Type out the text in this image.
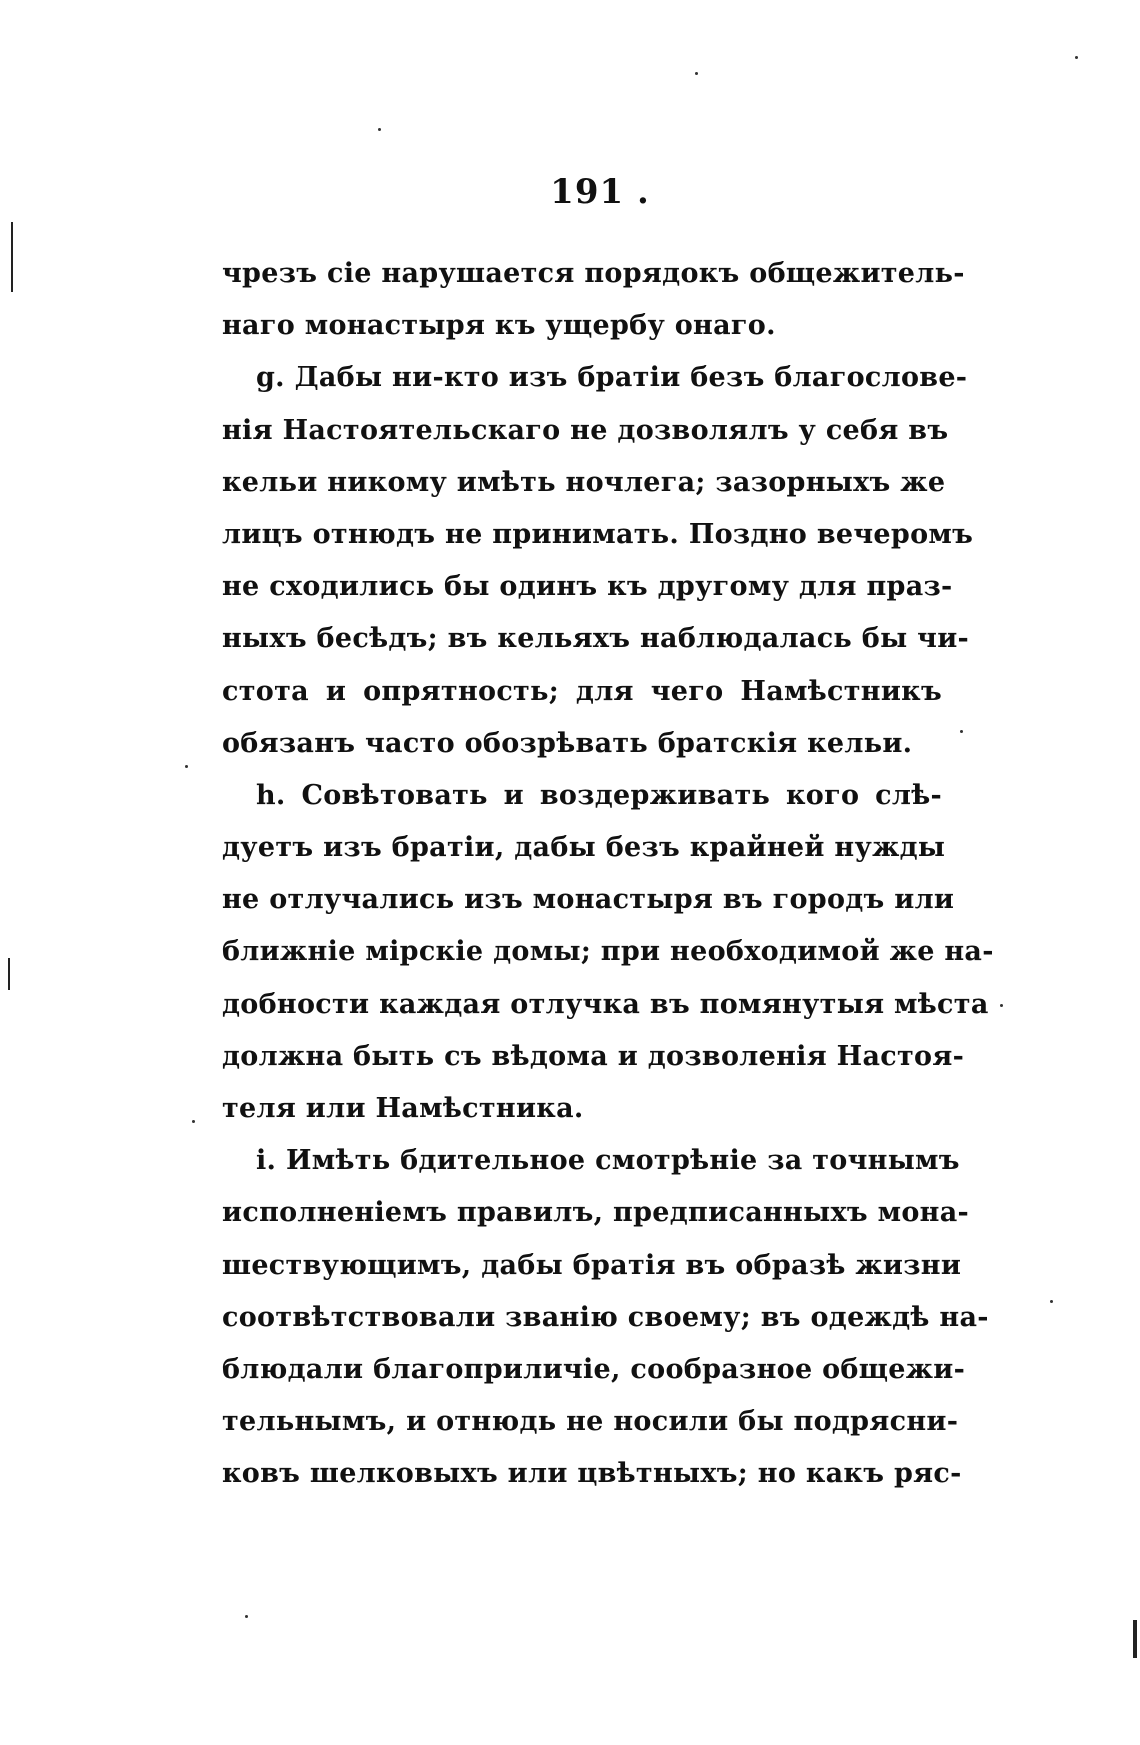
191 .
чрезъ сіе нарушается порядокъ общежитель-
наго монастыря къ ущербу онаго.
g. Дабы ни-кто изъ братіи безъ благослове-
нія Настоятельскаго не дозволялъ у себя въ
кельи никому имѣть ночлега; зазорныхъ же
лицъ отнюдъ не принимать. Поздно вечеромъ
не сходились бы одинъ къ другому для праз-
ныхъ бесѣдъ; въ кельяхъ наблюдалась бы чи-
стота и опрятность; для чего Намѣстникъ
обязанъ часто обозрѣвать братскія кельи.
h. Совѣтовать и воздерживать кого слѣ-
дуетъ изъ братіи, дабы безъ крайней нужды
не отлучались изъ монастыря въ городъ или
ближніе мірскіе домы; при необходимой же на-
добности каждая отлучка въ помянутыя мѣста
должна быть съ вѣдома и дозволенія Настоя-
теля или Намѣстника.
і. Имѣть бдительное смотрѣніе за точнымъ
исполненіемъ правилъ, предписанныхъ мона-
шествующимъ, дабы братія въ образѣ жизни
соотвѣтствовали званію своему; въ одеждѣ на-
блюдали благоприличіе, сообразное общежи-
тельнымъ, и отнюдь не носили бы подрясни-
ковъ шелковыхъ или цвѣтныхъ; но какъ ряс-
